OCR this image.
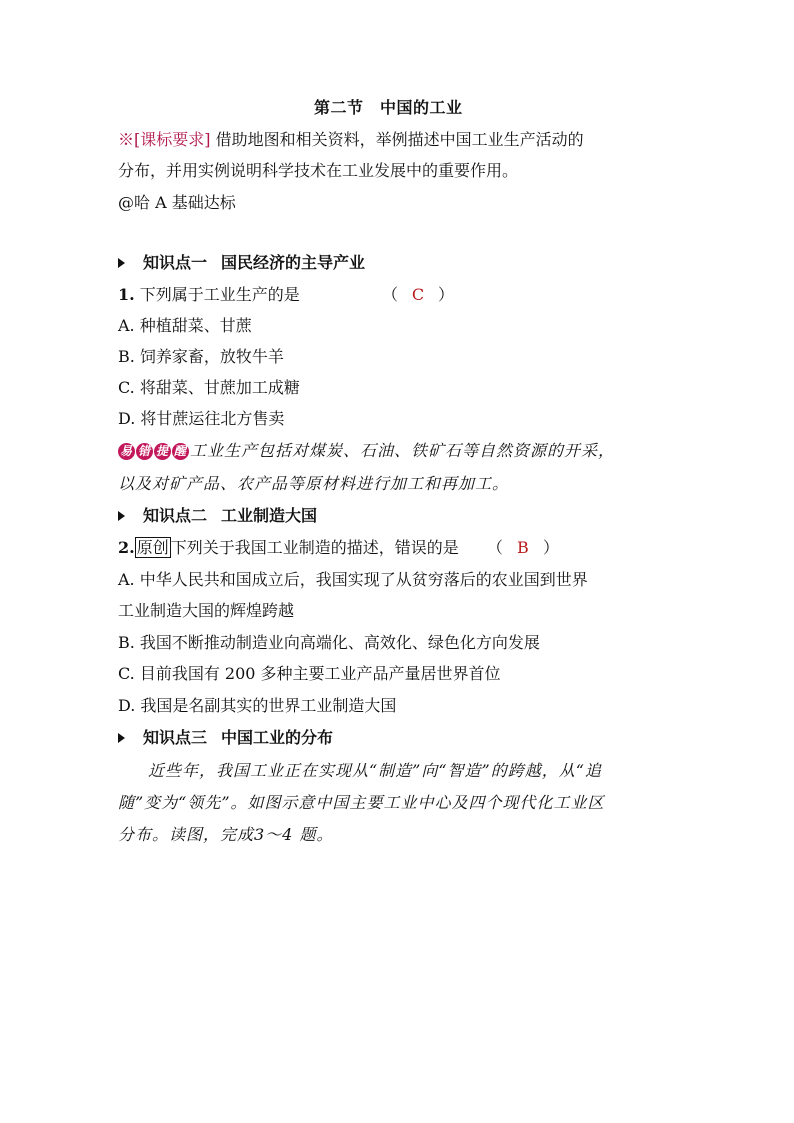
第二节　中国的工业
※[课标要求] 借助地图和相关资料，举例描述中国工业生产活动的
分布，并用实例说明科学技术在工业发展中的重要作用。
@哈 A 基础达标
知识点一 国民经济的主导产业
1. 下列属于工业生产的是	（ C ）
A. 种植甜菜、甘蔗
B. 饲养家畜，放牧牛羊
C. 将甜菜、甘蔗加工成糖
D. 将甘蔗运往北方售卖
易 错 提 醒 工业生产包括对煤炭、石油、铁矿石等自然资源的开采，
以及对矿产品、农产品等原材料进行加工和再加工。
知识点二 工业制造大国
2. 原创 下列关于我国工业制造的描述，错误的是 （ B ）
A. 中华人民共和国成立后，我国实现了从贫穷落后的农业国到世界
工业制造大国的辉煌跨越
B. 我国不断推动制造业向高端化、高效化、绿色化方向发展
C. 目前我国有 200 多种主要工业产品产量居世界首位
D. 我国是名副其实的世界工业制造大国
知识点三 中国工业的分布
近些年，我国工业正在实现从“制造”向“智造”的跨越，从“追
随”变为“领先”。如图示意中国主要工业中心及四个现代化工业区
分布。读图，完成3～4 题。
